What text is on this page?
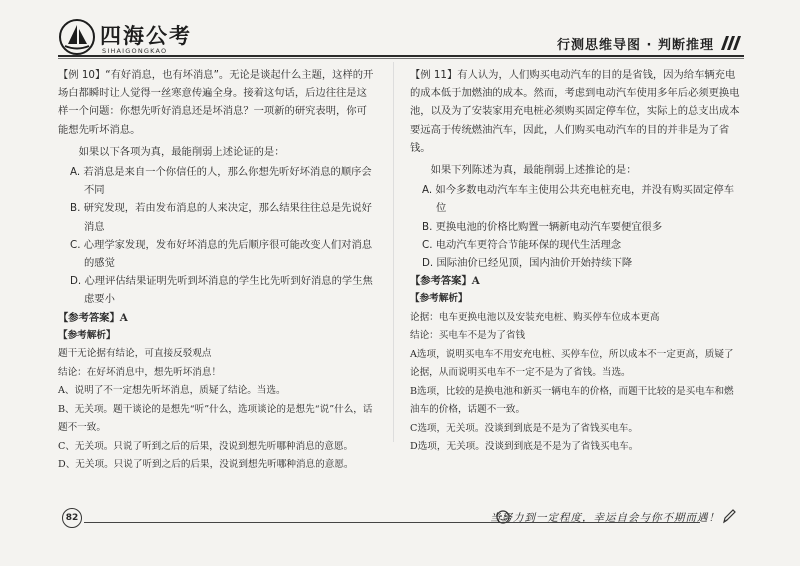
四海公考
SIHAIGONGKAO	行测思维导图 · 判断推理

【例 10】“有好消息，也有坏消息”。无论是谈起什么主题，这样的开场白都瞬时让人觉得一丝寒意传遍全身。接着这句话，后边往往是这样一个问题：你想先听好消息还是坏消息？一项新的研究表明，你可能想先听坏消息。

如果以下各项为真，最能削弱上述论证的是：

A. 若消息是来自一个你信任的人，那么你想先听好坏消息的顺序会不同
B. 研究发现，若由发布消息的人来决定，那么结果往往总是先说好消息
C. 心理学家发现，发布好坏消息的先后顺序很可能改变人们对消息的感觉
D. 心理评估结果证明先听到坏消息的学生比先听到好消息的学生焦虑要小

【参考答案】A

【参考解析】

题干无论据有结论，可直接反驳观点

结论：在好坏消息中，想先听坏消息！

A、说明了不一定想先听坏消息，质疑了结论。当选。

B、无关项。题干谈论的是想先“听”什么，选项谈论的是想先“说”什么，话题不一致。

C、无关项。只说了听到之后的后果，没说到想先听哪种消息的意愿。

D、无关项。只说了听到之后的后果，没说到想先听哪种消息的意愿。

【例 11】有人认为，人们购买电动汽车的目的是省钱，因为给车辆充电的成本低于加燃油的成本。然而，考虑到电动汽车使用多年后必须更换电池，以及为了安装家用充电桩必须购买固定停车位，实际上的总支出成本要远高于传统燃油汽车，因此，人们购买电动汽车的目的并非是为了省钱。

如果下列陈述为真，最能削弱上述推论的是：

A. 如今多数电动汽车车主使用公共充电桩充电，并没有购买固定停车位
B. 更换电池的价格比购置一辆新电动汽车要便宜很多
C. 电动汽车更符合节能环保的现代生活理念
D. 国际油价已经见顶，国内油价开始持续下降

【参考答案】A

【参考解析】

论据：电车更换电池以及安装充电桩、购买停车位成本更高

结论：买电车不是为了省钱

A选项，说明买电车不用安充电桩、买停车位，所以成本不一定更高，质疑了论据，从而说明买电车不一定不是为了省钱。当选。

B选项，比较的是换电池和新买一辆电车的价格，而题干比较的是买电车和燃油车的价格，话题不一致。

C选项，无关项。没谈到到底是不是为了省钱买电车。

D选项，无关项。没谈到到底是不是为了省钱买电车。

82	当努力到一定程度，幸运自会与你不期而遇！
